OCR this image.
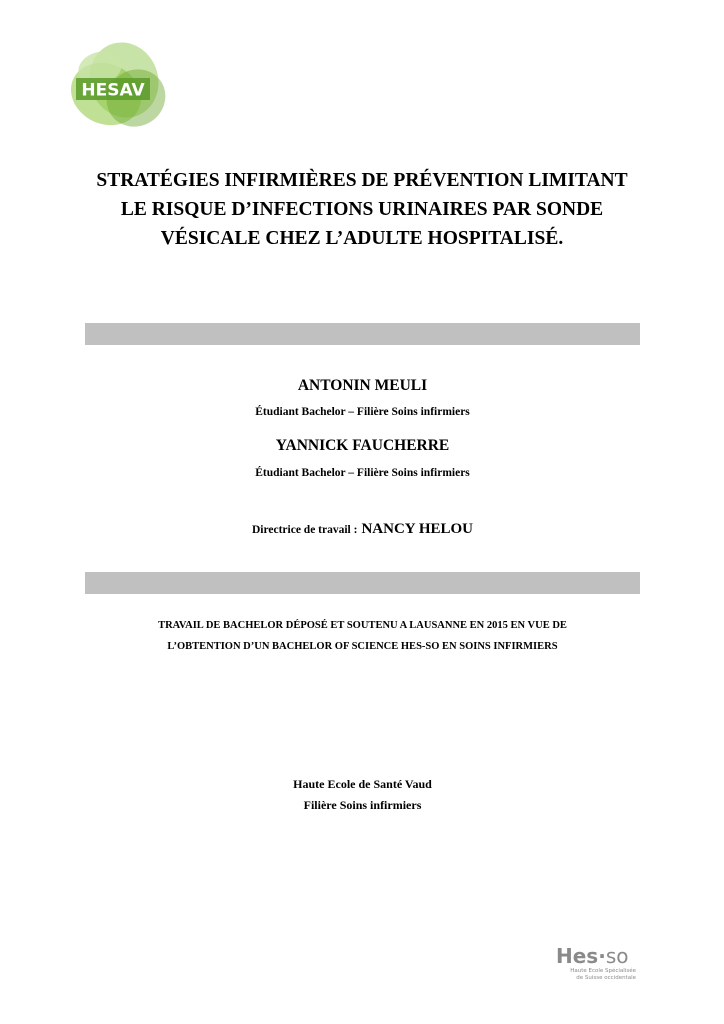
HESAV
STRATÉGIES INFIRMIÈRES DE PRÉVENTION LIMITANT
LE RISQUE D’INFECTIONS URINAIRES PAR SONDE
VÉSICALE CHEZ L’ADULTE HOSPITALISÉ.
ANTONIN MEULI
Étudiant Bachelor – Filière Soins infirmiers
YANNICK FAUCHERRE
Étudiant Bachelor – Filière Soins infirmiers
Directrice de travail : NANCY HELOU
TRAVAIL DE BACHELOR DÉPOSÉ ET SOUTENU A LAUSANNE EN 2015 EN VUE DE
L’OBTENTION D’UN BACHELOR OF SCIENCE HES-SO EN SOINS INFIRMIERS
Haute Ecole de Santé Vaud
Filière Soins infirmiers
Hes·so
Haute Ecole Spécialisée
de Suisse occidentale
